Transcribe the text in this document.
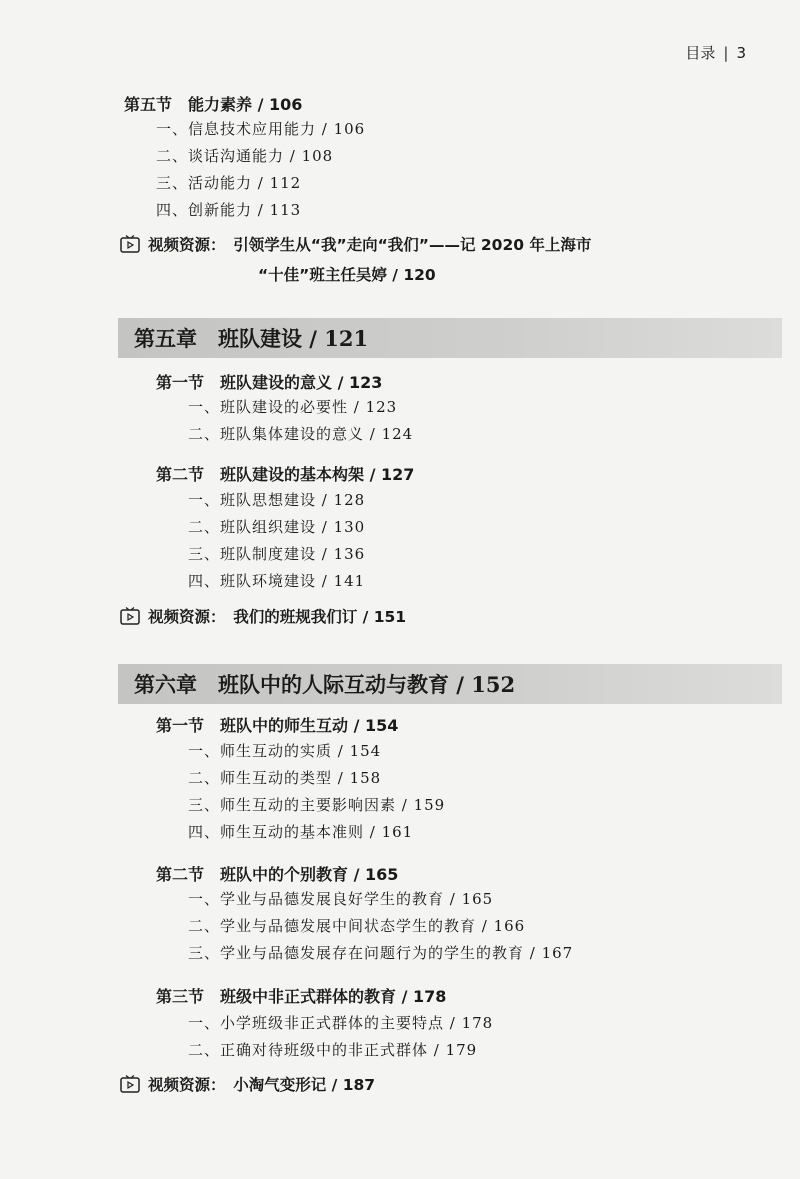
目录 | 3
第五节　能力素养 / 106
一、信息技术应用能力 / 106
二、谈话沟通能力 / 108
三、活动能力 / 112
四、创新能力 / 113
视频资源：　引领学生从“我”走向“我们”——记 2020 年上海市
“十佳”班主任吴婷 / 120
第五章　班队建设 / 121
第一节　班队建设的意义 / 123
一、班队建设的必要性 / 123
二、班队集体建设的意义 / 124
第二节　班队建设的基本构架 / 127
一、班队思想建设 / 128
二、班队组织建设 / 130
三、班队制度建设 / 136
四、班队环境建设 / 141
视频资源：　我们的班规我们订 / 151
第六章　班队中的人际互动与教育 / 152
第一节　班队中的师生互动 / 154
一、师生互动的实质 / 154
二、师生互动的类型 / 158
三、师生互动的主要影响因素 / 159
四、师生互动的基本准则 / 161
第二节　班队中的个别教育 / 165
一、学业与品德发展良好学生的教育 / 165
二、学业与品德发展中间状态学生的教育 / 166
三、学业与品德发展存在问题行为的学生的教育 / 167
第三节　班级中非正式群体的教育 / 178
一、小学班级非正式群体的主要特点 / 178
二、正确对待班级中的非正式群体 / 179
视频资源：　小淘气变形记 / 187
